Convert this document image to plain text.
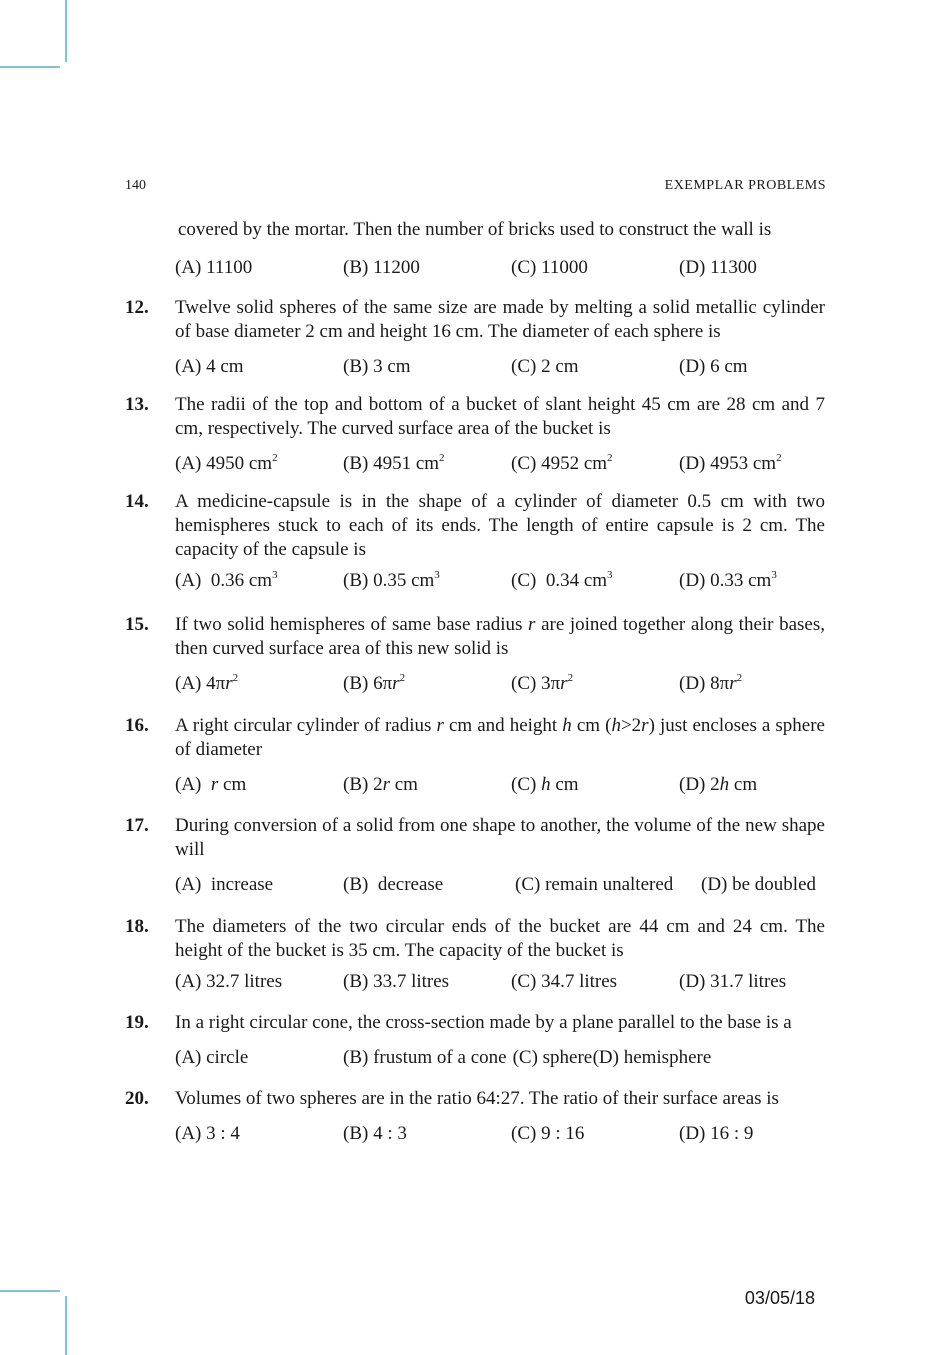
140	EXEMPLAR PROBLEMS
covered by the mortar. Then the number of bricks used to construct the wall is
(A) 11100	(B) 11200	(C) 11000	(D) 11300
12. Twelve solid spheres of the same size are made by melting a solid metallic cylinder of base diameter 2 cm and height 16 cm. The diameter of each sphere is
(A) 4 cm	(B) 3 cm	(C) 2 cm	(D) 6 cm
13. The radii of the top and bottom of a bucket of slant height 45 cm are 28 cm and 7 cm, respectively. The curved surface area of the bucket is
(A) 4950 $cm^2$	(B) 4951 $cm^2$	(C) 4952 $cm^2$	(D) 4953 $cm^2$
14. A medicine-capsule is in the shape of a cylinder of diameter 0.5 cm with two hemispheres stuck to each of its ends. The length of entire capsule is 2 cm. The capacity of the capsule is
(A)  0.36 $cm^3$	(B) 0.35 $cm^3$	(C)  0.34 $cm^3$	(D) 0.33 $cm^3$
15. If two solid hemispheres of same base radius r are joined together along their bases, then curved surface area of this new solid is
(A) $4\pi r^2$	(B) $6\pi r^2$	(C) $3\pi r^2$	(D) $8\pi r^2$
16. A right circular cylinder of radius r cm and height h cm (h>2r) just encloses a sphere of diameter
(A)  r cm	(B) 2r cm	(C) h cm	(D) 2h cm
17. During conversion of a solid from one shape to another, the volume of the new shape will
(A)  increase	(B)  decrease	(C) remain unaltered	(D) be doubled
18. The diameters of the two circular ends of the bucket are 44 cm and 24 cm. The height of the bucket is 35 cm. The capacity of the bucket is
(A) 32.7 litres	(B) 33.7 litres	(C) 34.7 litres	(D) 31.7 litres
19. In a right circular cone, the cross-section made by a plane parallel to the base is a
(A) circle	(B) frustum of a cone (C) sphere (D) hemisphere
20. Volumes of two spheres are in the ratio 64:27. The ratio of their surface areas is
(A) 3 : 4	(B) 4 : 3	(C) 9 : 16	(D) 16 : 9
03/05/18
